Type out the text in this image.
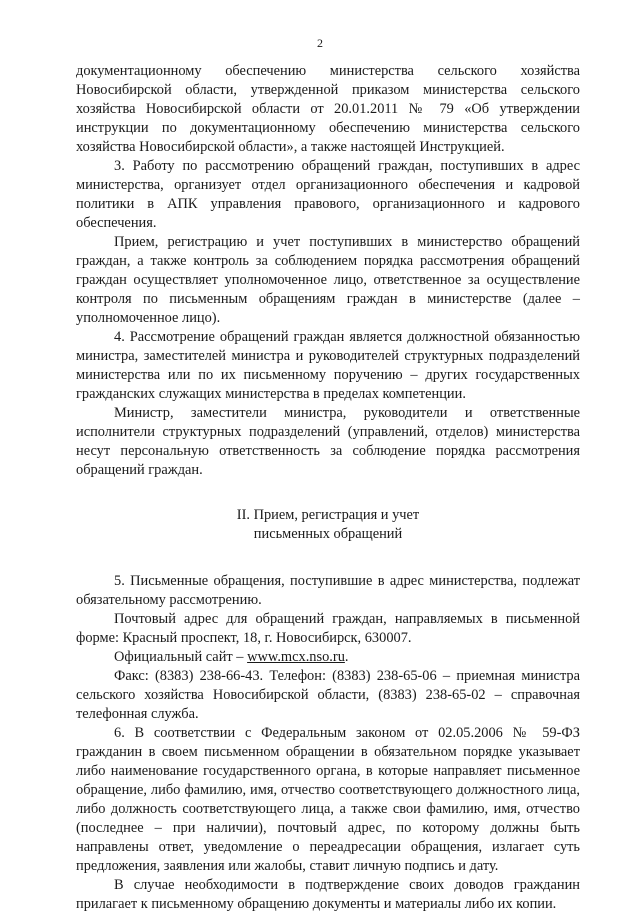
2

документационному обеспечению министерства сельского хозяйства Новосибирской области, утвержденной приказом министерства сельского хозяйства Новосибирской области от 20.01.2011 № 79 «Об утверждении инструкции по документационному обеспечению министерства сельского хозяйства Новосибирской области», а также настоящей Инструкцией.

3. Работу по рассмотрению обращений граждан, поступивших в адрес министерства, организует отдел организационного обеспечения и кадровой политики в АПК управления правового, организационного и кадрового обеспечения.

Прием, регистрацию и учет поступивших в министерство обращений граждан, а также контроль за соблюдением порядка рассмотрения обращений граждан осуществляет уполномоченное лицо, ответственное за осуществление контроля по письменным обращениям граждан в министерстве (далее – уполномоченное лицо).

4. Рассмотрение обращений граждан является должностной обязанностью министра, заместителей министра и руководителей структурных подразделений министерства или по их письменному поручению – других государственных гражданских служащих министерства в пределах компетенции.

Министр, заместители министра, руководители и ответственные исполнители структурных подразделений (управлений, отделов) министерства несут персональную ответственность за соблюдение порядка рассмотрения обращений граждан.

II. Прием, регистрация и учет
письменных обращений

5. Письменные обращения, поступившие в адрес министерства, подлежат обязательному рассмотрению.

Почтовый адрес для обращений граждан, направляемых в письменной форме: Красный проспект, 18, г. Новосибирск, 630007.

Официальный сайт – www.mcx.nso.ru.

Факс: (8383) 238-66-43. Телефон: (8383) 238-65-06 – приемная министра сельского хозяйства Новосибирской области, (8383) 238-65-02 – справочная телефонная служба.

6. В соответствии с Федеральным законом от 02.05.2006 № 59-ФЗ гражданин в своем письменном обращении в обязательном порядке указывает либо наименование государственного органа, в которые направляет письменное обращение, либо фамилию, имя, отчество соответствующего должностного лица, либо должность соответствующего лица, а также свои фамилию, имя, отчество (последнее – при наличии), почтовый адрес, по которому должны быть направлены ответ, уведомление о переадресации обращения, излагает суть предложения, заявления или жалобы, ставит личную подпись и дату.

В случае необходимости в подтверждение своих доводов гражданин прилагает к письменному обращению документы и материалы либо их копии.
